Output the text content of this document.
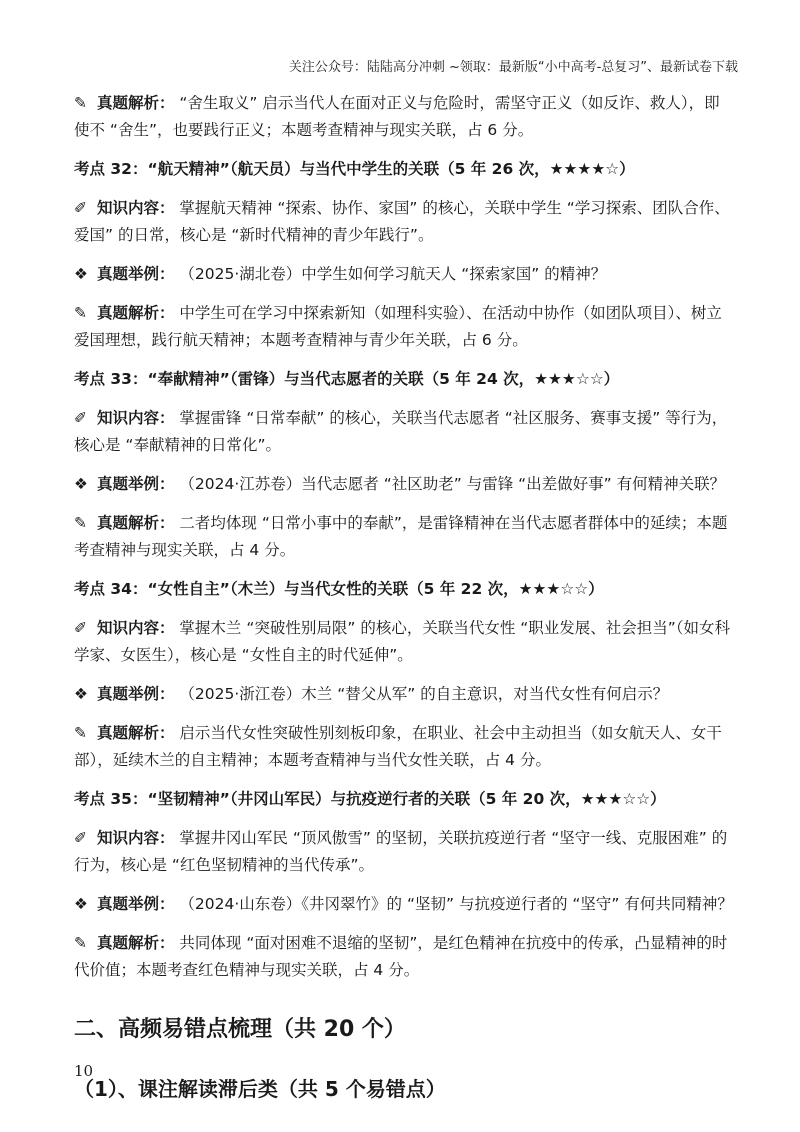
关注公众号：陆陆高分冲刺 ~领取：最新版“小中高考-总复习”、最新试卷下载

✎ 真题解析： “舍生取义” 启示当代人在面对正义与危险时，需坚守正义（如反诈、救人），即使不 “舍生”，也要践行正义；本题考查精神与现实关联，占 6 分。

考点 32：“航天精神”（航天员）与当代中学生的关联（5 年 26 次，★★★★☆）

✐ 知识内容： 掌握航天精神 “探索、协作、家国” 的核心，关联中学生 “学习探索、团队合作、爱国” 的日常，核心是 “新时代精神的青少年践行”。

❖ 真题举例： （2025·湖北卷）中学生如何学习航天人 “探索家国” 的精神？

✎ 真题解析： 中学生可在学习中探索新知（如理科实验）、在活动中协作（如团队项目）、树立爱国理想，践行航天精神；本题考查精神与青少年关联，占 6 分。

考点 33：“奉献精神”（雷锋）与当代志愿者的关联（5 年 24 次，★★★☆☆）

✐ 知识内容： 掌握雷锋 “日常奉献” 的核心，关联当代志愿者 “社区服务、赛事支援” 等行为，核心是 “奉献精神的日常化”。

❖ 真题举例： （2024·江苏卷）当代志愿者 “社区助老” 与雷锋 “出差做好事” 有何精神关联？

✎ 真题解析： 二者均体现 “日常小事中的奉献”，是雷锋精神在当代志愿者群体中的延续；本题考查精神与现实关联，占 4 分。

考点 34：“女性自主”（木兰）与当代女性的关联（5 年 22 次，★★★☆☆）

✐ 知识内容： 掌握木兰 “突破性别局限” 的核心，关联当代女性 “职业发展、社会担当”（如女科学家、女医生），核心是 “女性自主的时代延伸”。

❖ 真题举例： （2025·浙江卷）木兰 “替父从军” 的自主意识，对当代女性有何启示？

✎ 真题解析： 启示当代女性突破性别刻板印象，在职业、社会中主动担当（如女航天人、女干部），延续木兰的自主精神；本题考查精神与当代女性关联，占 4 分。

考点 35：“坚韧精神”（井冈山军民）与抗疫逆行者的关联（5 年 20 次，★★★☆☆）

✐ 知识内容： 掌握井冈山军民 “顶风傲雪” 的坚韧，关联抗疫逆行者 “坚守一线、克服困难” 的行为，核心是 “红色坚韧精神的当代传承”。

❖ 真题举例： （2024·山东卷）《井冈翠竹》的 “坚韧” 与抗疫逆行者的 “坚守” 有何共同精神？

✎ 真题解析： 共同体现 “面对困难不退缩的坚韧”，是红色精神在抗疫中的传承，凸显精神的时代价值；本题考查红色精神与现实关联，占 4 分。

二、高频易错点梳理（共 20 个）
（1）、课注解读滞后类（共 5 个易错点）
10
